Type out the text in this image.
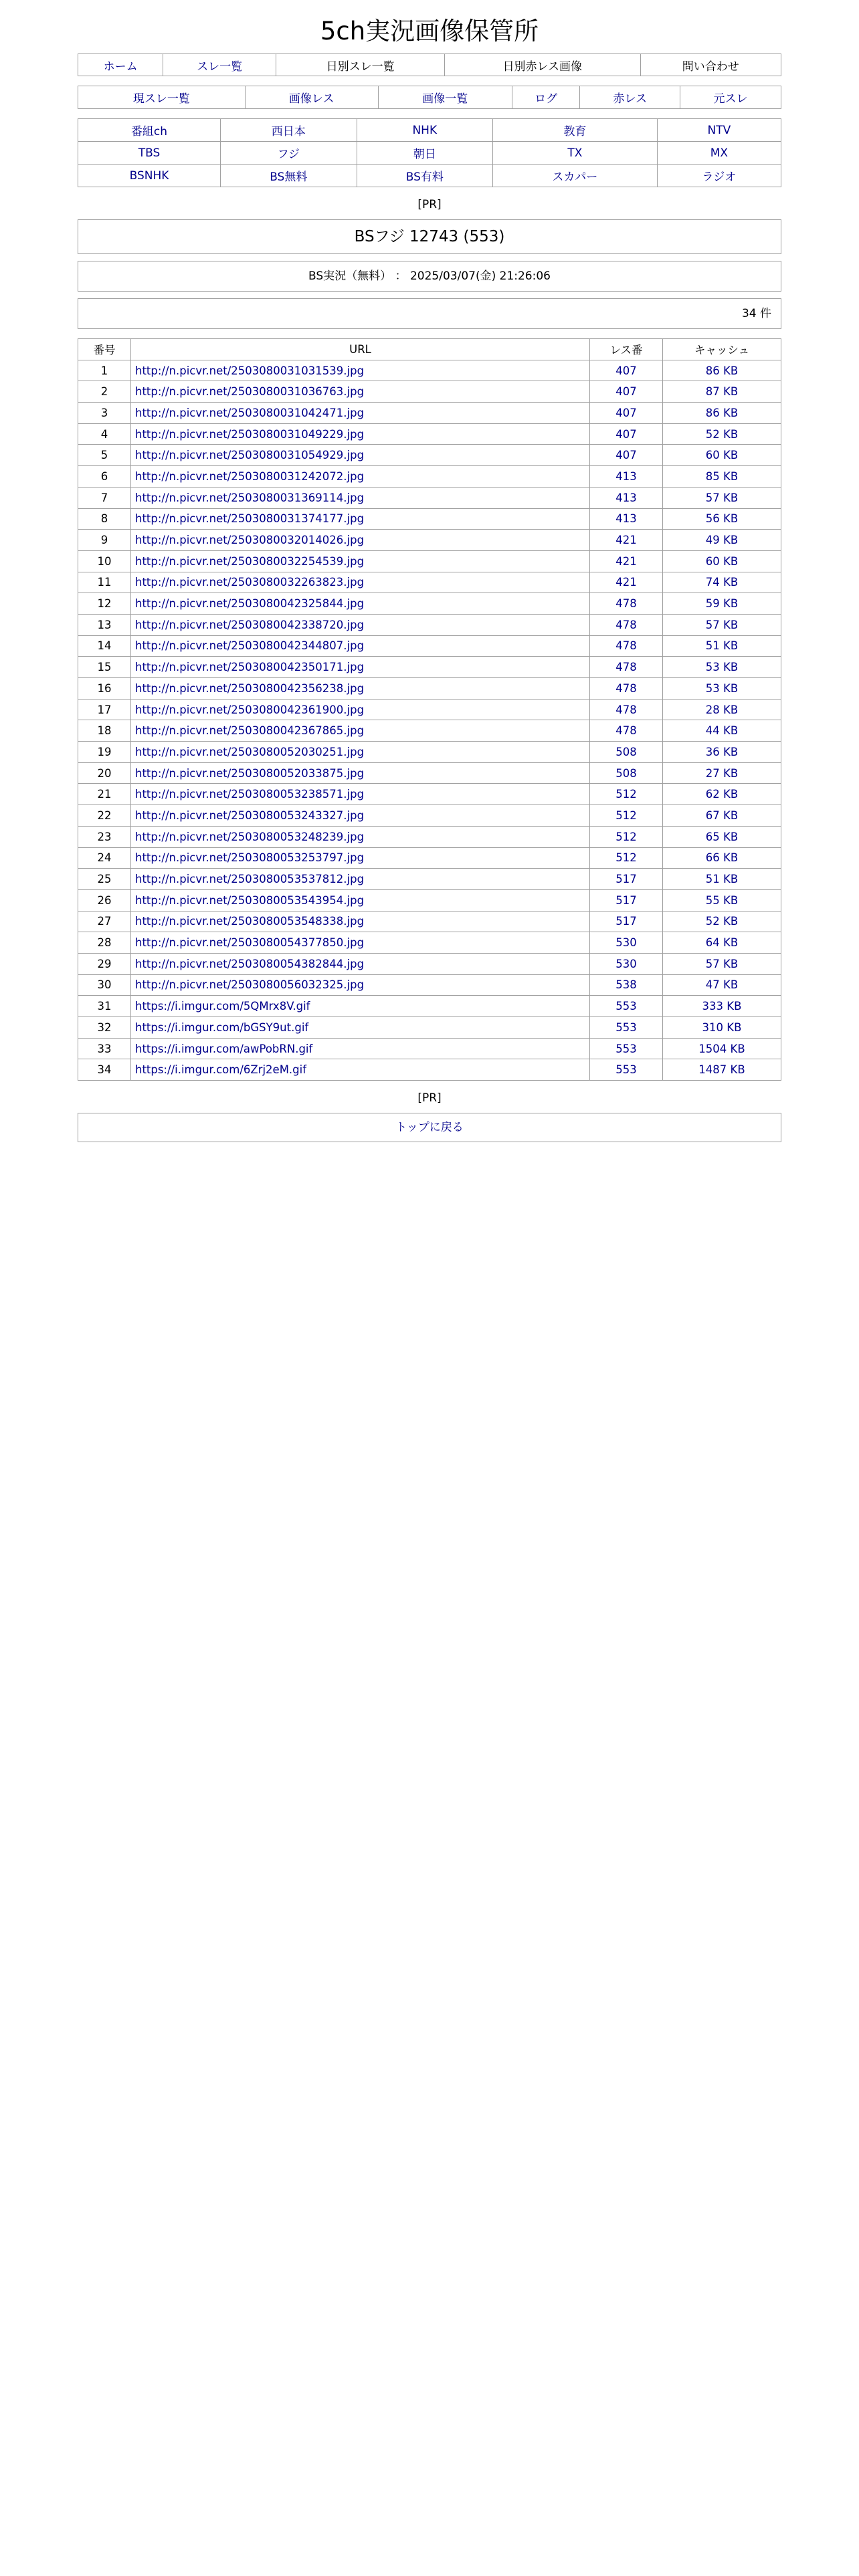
5ch実況画像保管所
ホーム	スレ一覧	日別スレ一覧	日別赤レス画像	問い合わせ
現スレ一覧	画像レス	画像一覧	ログ	赤レス	元スレ
番組ch	西日本	NHK	教育	NTV
TBS	フジ	朝日	TX	MX
BSNHK	BS無料	BS有料	スカパー	ラジオ
[PR]
BSフジ 12743 (553)
BS実況（無料） ： 2025/03/07(金) 21:26:06
34 件
番号	URL	レス番	キャッシュ
1	http://n.picvr.net/2503080031031539.jpg	407	86 KB
2	http://n.picvr.net/2503080031036763.jpg	407	87 KB
3	http://n.picvr.net/2503080031042471.jpg	407	86 KB
4	http://n.picvr.net/2503080031049229.jpg	407	52 KB
5	http://n.picvr.net/2503080031054929.jpg	407	60 KB
6	http://n.picvr.net/2503080031242072.jpg	413	85 KB
7	http://n.picvr.net/2503080031369114.jpg	413	57 KB
8	http://n.picvr.net/2503080031374177.jpg	413	56 KB
9	http://n.picvr.net/2503080032014026.jpg	421	49 KB
10	http://n.picvr.net/2503080032254539.jpg	421	60 KB
11	http://n.picvr.net/2503080032263823.jpg	421	74 KB
12	http://n.picvr.net/2503080042325844.jpg	478	59 KB
13	http://n.picvr.net/2503080042338720.jpg	478	57 KB
14	http://n.picvr.net/2503080042344807.jpg	478	51 KB
15	http://n.picvr.net/2503080042350171.jpg	478	53 KB
16	http://n.picvr.net/2503080042356238.jpg	478	53 KB
17	http://n.picvr.net/2503080042361900.jpg	478	28 KB
18	http://n.picvr.net/2503080042367865.jpg	478	44 KB
19	http://n.picvr.net/2503080052030251.jpg	508	36 KB
20	http://n.picvr.net/2503080052033875.jpg	508	27 KB
21	http://n.picvr.net/2503080053238571.jpg	512	62 KB
22	http://n.picvr.net/2503080053243327.jpg	512	67 KB
23	http://n.picvr.net/2503080053248239.jpg	512	65 KB
24	http://n.picvr.net/2503080053253797.jpg	512	66 KB
25	http://n.picvr.net/2503080053537812.jpg	517	51 KB
26	http://n.picvr.net/2503080053543954.jpg	517	55 KB
27	http://n.picvr.net/2503080053548338.jpg	517	52 KB
28	http://n.picvr.net/2503080054377850.jpg	530	64 KB
29	http://n.picvr.net/2503080054382844.jpg	530	57 KB
30	http://n.picvr.net/2503080056032325.jpg	538	47 KB
31	https://i.imgur.com/5QMrx8V.gif	553	333 KB
32	https://i.imgur.com/bGSY9ut.gif	553	310 KB
33	https://i.imgur.com/awPobRN.gif	553	1504 KB
34	https://i.imgur.com/6Zrj2eM.gif	553	1487 KB
[PR]
トップに戻る
